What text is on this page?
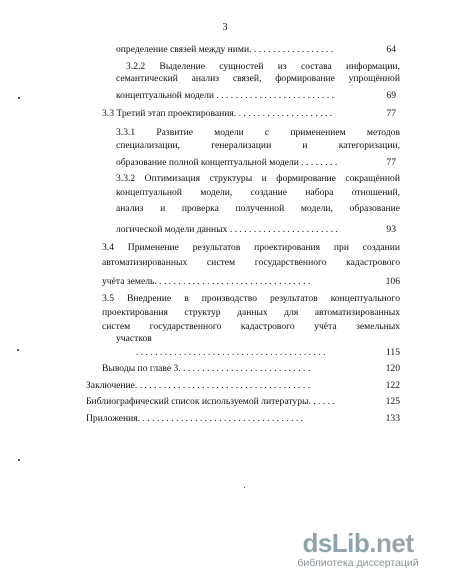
3
определение связей между ними. . . . . . . . . . . . . . . . . .	64
3.2.2 Выделение сущностей из состава информации,
семантический анализ связей, формирование упрощённой
концептуальной модели . . . . . . . . . . . . . . . . . . . . . . . . .	69
3.3 Третий этап проектирования. . . . . . . . . . . . . . . . . . . . .	77
3.3.1 Развитие модели с применением методов
специализации, генерализации и категоризации,
образование полной концептуальной модели . . . . . . . .	77
3.3.2 Оптимизация структуры и формирование сокращённой
концептуальной модели, создание набора отношений,
анализ и проверка полученной модели, образование
логической модели данных . . . . . . . . . . . . . . . . . . . . . . .	93
3.4 Применение результатов проектирования при создании
автоматизированных систем государственного кадастрового
учёта земель. . . . . . . . . . . . . . . . . . . . . . . . . . . . . . . . .	106
3.5 Внедрение в производство результатов концептуального
проектирования структур данных для автоматизированных
систем государственного кадастрового учёта земельных
участков
. . . . . . . . . . . . . . . . . . . . . . . . . . . . . . . . . . . . . . . .	115
Выводы по главе 3. . . . . . . . . . . . . . . . . . . . . . . . . . . .	120
Заключение. . . . . . . . . . . . . . . . . . . . . . . . . . . . . . . . . . . . .	122
Библиографический список используемой литературы. . . . . .	125
Приложения. . . . . . . . . . . . . . . . . . . . . . . . . . . . . . . . . . .	133
dsLib.net
библиотека диссертаций
